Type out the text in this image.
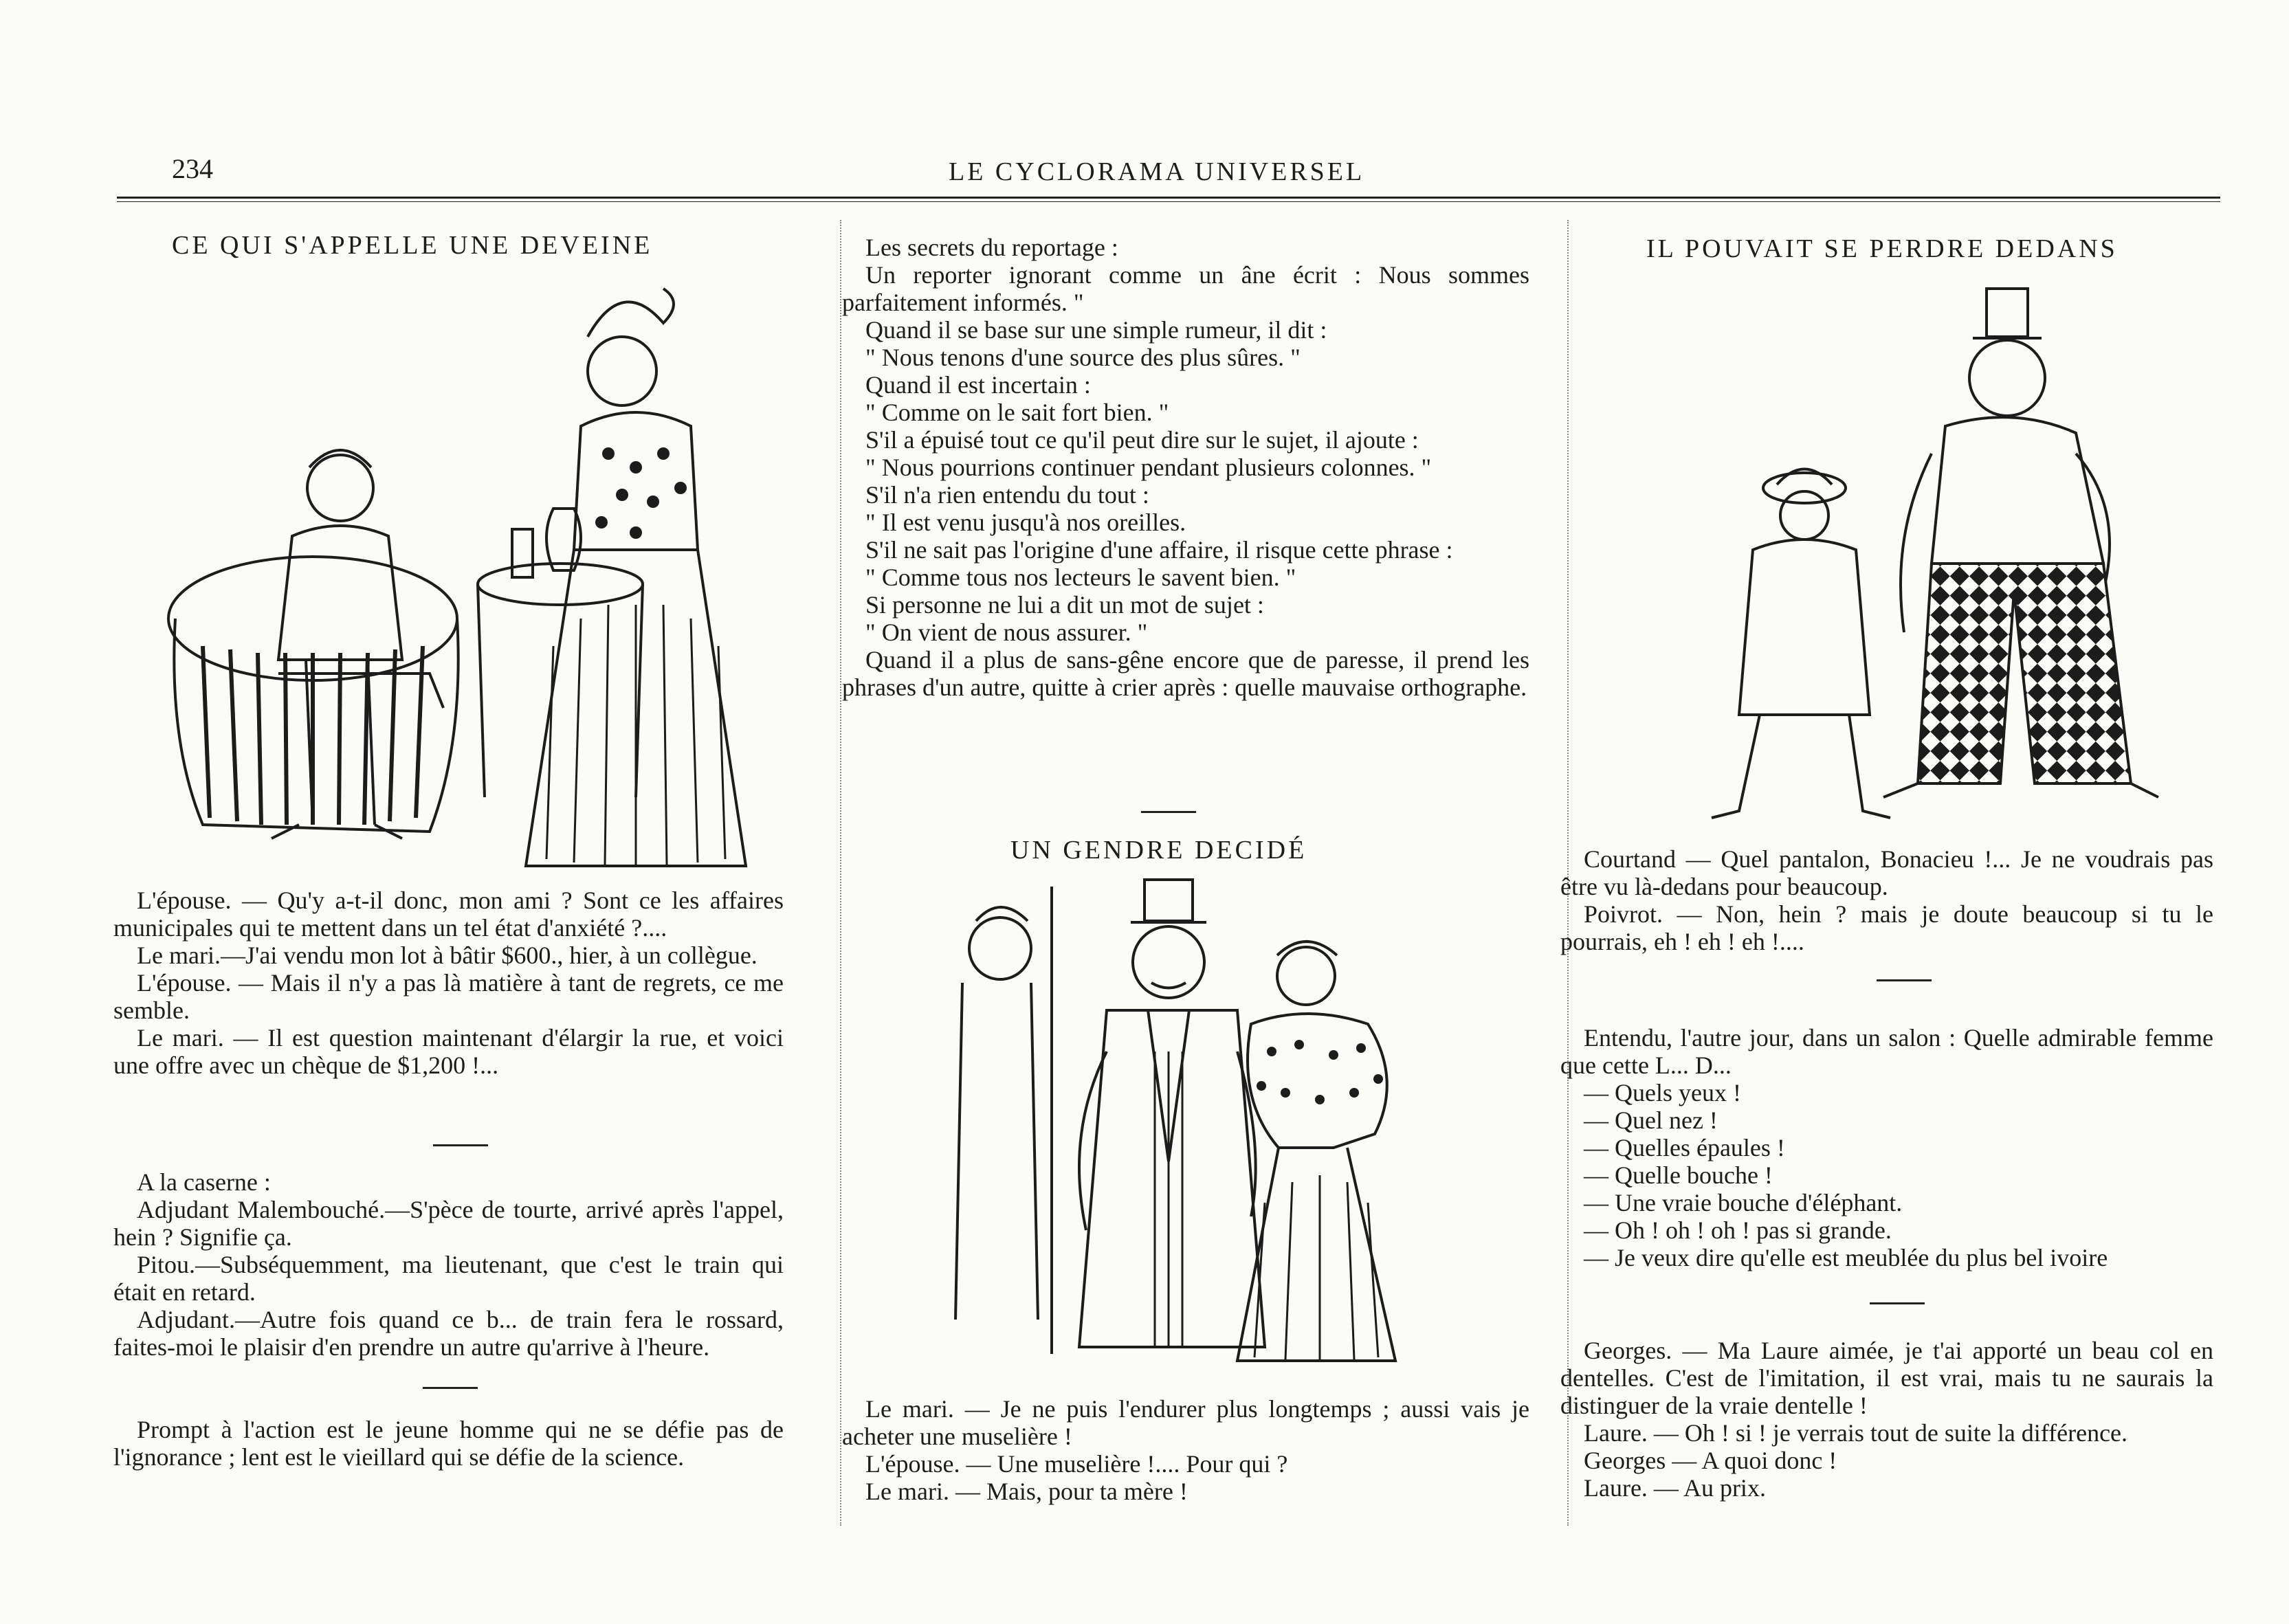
234	LE CYCLORAMA UNIVERSEL
CE QUI S'APPELLE UNE DEVEINE

L'épouse. — Qu'y a-t-il donc, mon ami ? Sont ce les affaires municipales qui te mettent dans un tel état d'anxiété ?....

Le mari.—J'ai vendu mon lot à bâtir $600., hier, à un collègue.

L'épouse. — Mais il n'y a pas là matière à tant de regrets, ce me semble.

Le mari. — Il est question maintenant d'élargir la rue, et voici une offre avec un chèque de $1,200 !...

A la caserne :

Adjudant Malembouché.—S'pèce de tourte, arrivé après l'appel, hein ? Signifie ça.

Pitou.—Subséquemment, ma lieutenant, que c'est le train qui était en retard.

Adjudant.—Autre fois quand ce b... de train fera le rossard, faites-moi le plaisir d'en prendre un autre qu'arrive à l'heure.

Prompt à l'action est le jeune homme qui ne se défie pas de l'ignorance ; lent est le vieillard qui se défie de la science.

Les secrets du reportage :

Un reporter ignorant comme un âne écrit : Nous sommes parfaitement informés. "

Quand il se base sur une simple rumeur, il dit :

" Nous tenons d'une source des plus sûres. "

Quand il est incertain :

" Comme on le sait fort bien. "

S'il a épuisé tout ce qu'il peut dire sur le sujet, il ajoute :

" Nous pourrions continuer pendant plusieurs colonnes. "

S'il n'a rien entendu du tout :

" Il est venu jusqu'à nos oreilles.

S'il ne sait pas l'origine d'une affaire, il risque cette phrase :

" Comme tous nos lecteurs le savent bien. "

Si personne ne lui a dit un mot de sujet :

" On vient de nous assurer. "

Quand il a plus de sans-gêne encore que de paresse, il prend les phrases d'un autre, quitte à crier après : quelle mauvaise orthographe.

UN GENDRE DECIDÉ

Le mari. — Je ne puis l'endurer plus longtemps ; aussi vais je acheter une muselière !

L'épouse. — Une muselière !.... Pour qui ?

Le mari. — Mais, pour ta mère !

IL POUVAIT SE PERDRE DEDANS

Courtand — Quel pantalon, Bonacieu !... Je ne voudrais pas être vu là-dedans pour beaucoup.

Poivrot. — Non, hein ? mais je doute beaucoup si tu le pourrais, eh ! eh ! eh !....

Entendu, l'autre jour, dans un salon : Quelle admirable femme que cette L... D...

— Quels yeux !

— Quel nez !

— Quelles épaules !

— Quelle bouche !

— Une vraie bouche d'éléphant.

— Oh ! oh ! oh ! pas si grande.

— Je veux dire qu'elle est meublée du plus bel ivoire

Georges. — Ma Laure aimée, je t'ai apporté un beau col en dentelles. C'est de l'imitation, il est vrai, mais tu ne saurais la distinguer de la vraie dentelle !

Laure. — Oh ! si ! je verrais tout de suite la différence.

Georges — A quoi donc !

Laure. — Au prix.
